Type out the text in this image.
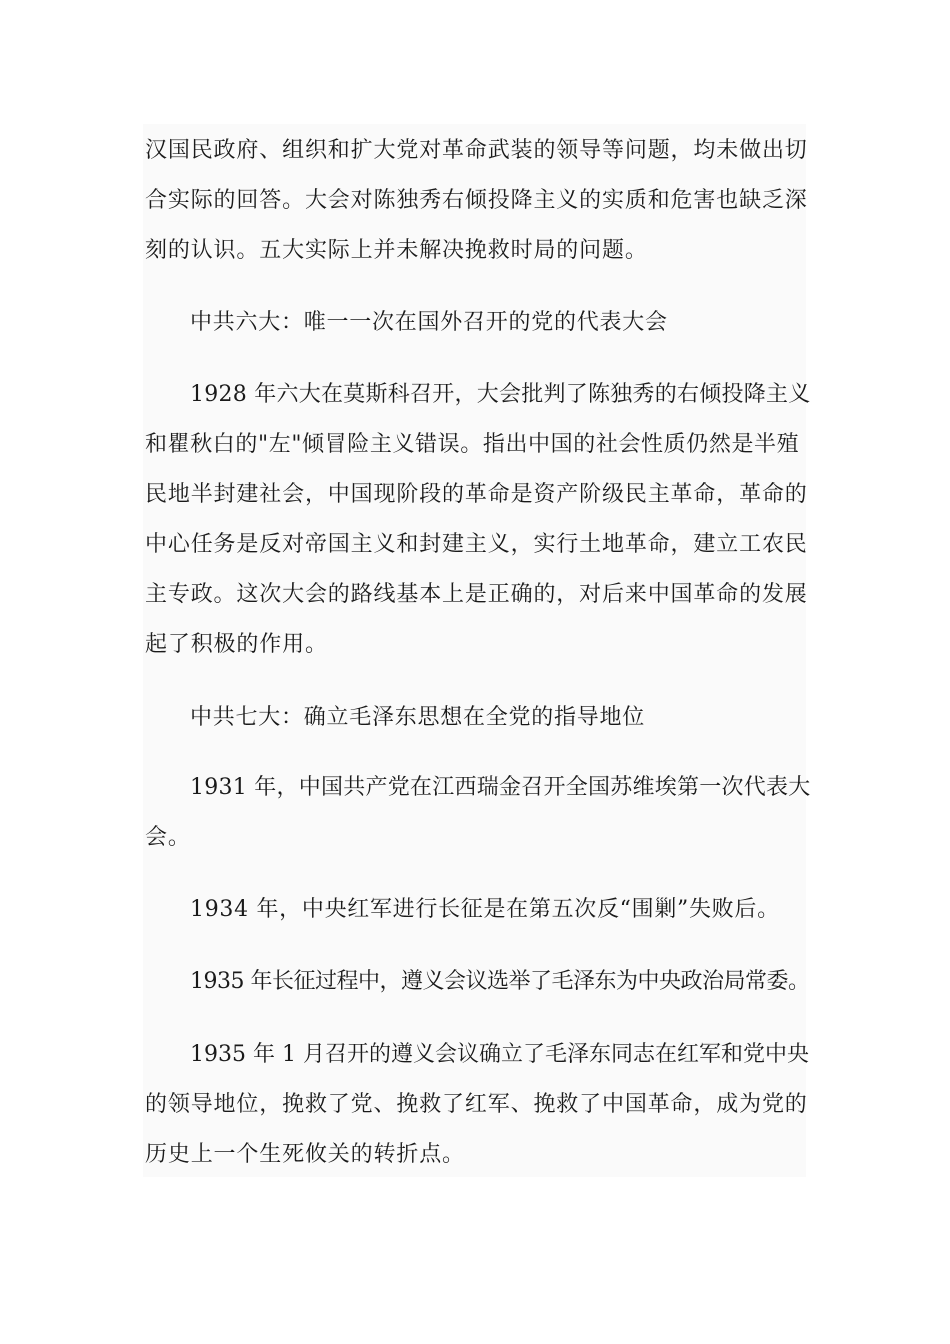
汉国民政府、组织和扩大党对革命武装的领导等问题，均未做出切
合实际的回答。大会对陈独秀右倾投降主义的实质和危害也缺乏深
刻的认识。五大实际上并未解决挽救时局的问题。
中共六大：唯一一次在国外召开的党的代表大会
1928 年六大在莫斯科召开，大会批判了陈独秀的右倾投降主义
和瞿秋白的"左"倾冒险主义错误。指出中国的社会性质仍然是半殖
民地半封建社会，中国现阶段的革命是资产阶级民主革命，革命的
中心任务是反对帝国主义和封建主义，实行土地革命，建立工农民
主专政。这次大会的路线基本上是正确的，对后来中国革命的发展
起了积极的作用。
中共七大：确立毛泽东思想在全党的指导地位
1931 年，中国共产党在江西瑞金召开全国苏维埃第一次代表大
会。
1934 年，中央红军进行长征是在第五次反“围剿”失败后。
1935 年长征过程中，遵义会议选举了毛泽东为中央政治局常委。
1935 年 1 月召开的遵义会议确立了毛泽东同志在红军和党中央
的领导地位，挽救了党、挽救了红军、挽救了中国革命，成为党的
历史上一个生死攸关的转折点。
